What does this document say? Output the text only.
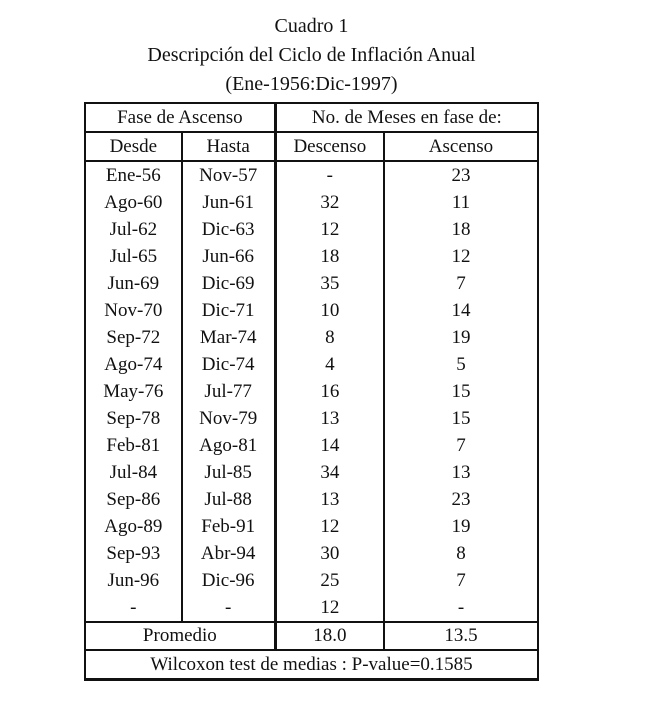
Cuadro 1
Descripción del Ciclo de Inflación Anual
(Ene-1956:Dic-1997)
Fase de Ascenso		No. de Meses en fase de:	
Desde	Hasta	Descenso	Ascenso
Ene-56	Nov-57	-	23
Ago-60	Jun-61	32	11
Jul-62	Dic-63	12	18
Jul-65	Jun-66	18	12
Jun-69	Dic-69	35	7
Nov-70	Dic-71	10	14
Sep-72	Mar-74	8	19
Ago-74	Dic-74	4	5
May-76	Jul-77	16	15
Sep-78	Nov-79	13	15
Feb-81	Ago-81	14	7
Jul-84	Jul-85	34	13
Sep-86	Jul-88	13	23
Ago-89	Feb-91	12	19
Sep-93	Abr-94	30	8
Jun-96	Dic-96	25	7
-	-	12	-
Promedio		18.0	13.5
Wilcoxon test de medias : P-value=0.1585			
